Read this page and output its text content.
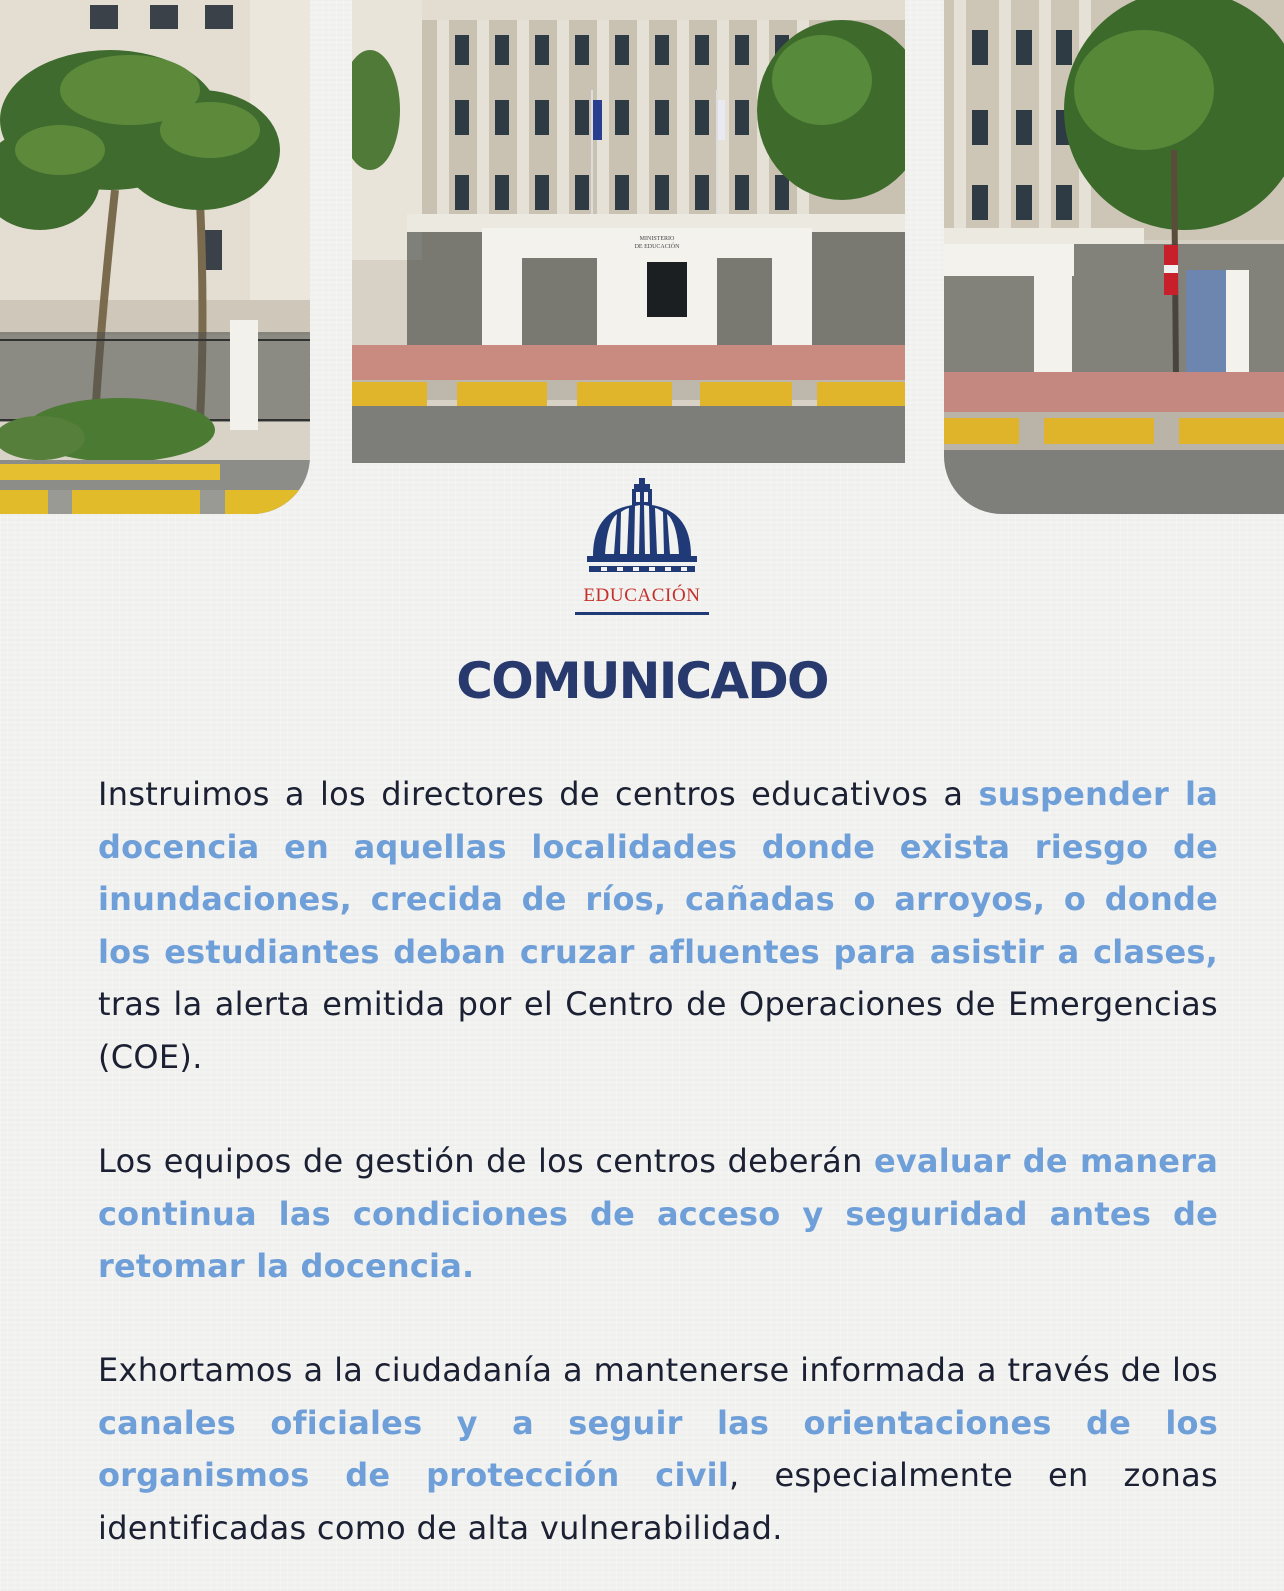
MINISTERIO
DE EDUCACIÓN
EDUCACIÓN
COMUNICADO

Instruimos a los directores de centros educativos a suspender la docencia en aquellas localidades donde exista riesgo de inundaciones, crecida de ríos, cañadas o arroyos, o donde los estudiantes deban cruzar afluentes para asistir a clases, tras la alerta emitida por el Centro de Operaciones de Emergencias (COE).

Los equipos de gestión de los centros deberán evaluar de manera continua las condiciones de acceso y seguridad antes de retomar la docencia.

Exhortamos a la ciudadanía a mantenerse informada a través de los canales oficiales y a seguir las orientaciones de los organismos de protección civil, especialmente en zonas identificadas como de alta vulnerabilidad.
